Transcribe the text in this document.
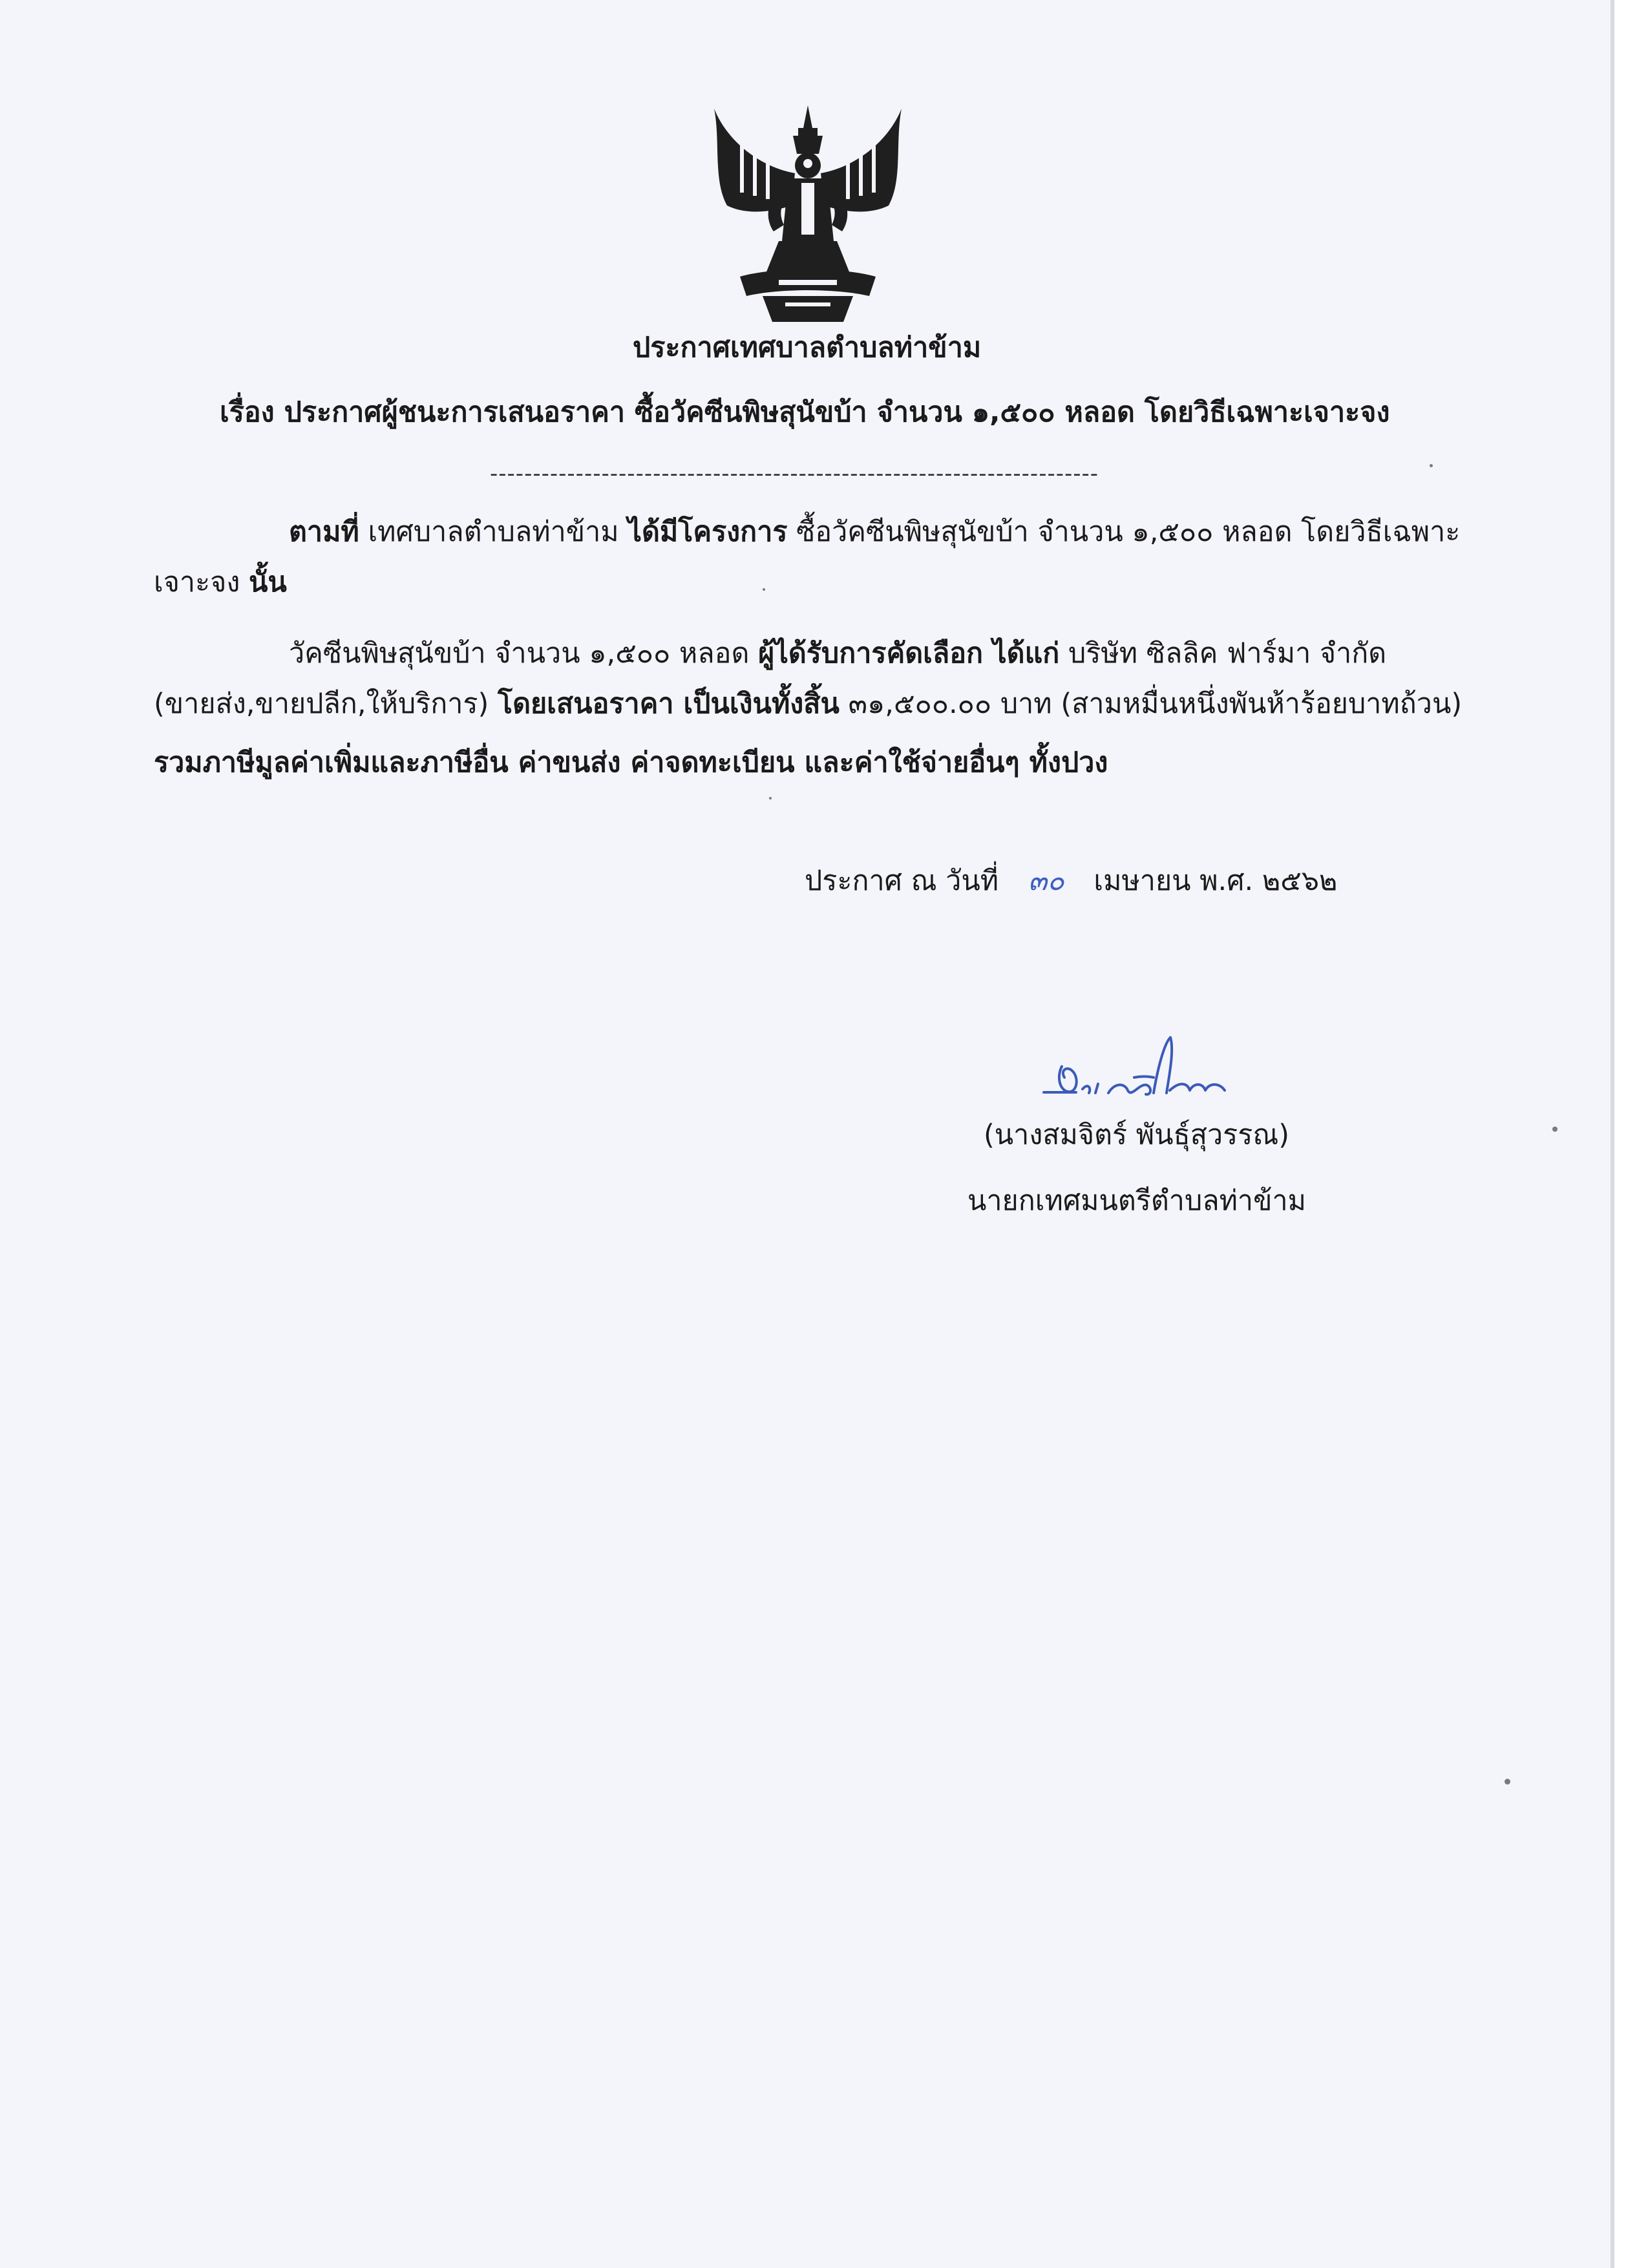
ประกาศเทศบาลตำบลท่าข้าม
เรื่อง ประกาศผู้ชนะการเสนอราคา ซื้อวัคซีนพิษสุนัขบ้า จำนวน ๑,๕๐๐ หลอด โดยวิธีเฉพาะเจาะจง
-----------------------------------------------------------------------
ตามที่ เทศบาลตำบลท่าข้าม ได้มีโครงการ ซื้อวัคซีนพิษสุนัขบ้า จำนวน ๑,๕๐๐ หลอด โดยวิธีเฉพาะ
เจาะจง นั้น
วัคซีนพิษสุนัขบ้า จำนวน ๑,๕๐๐ หลอด ผู้ได้รับการคัดเลือก ได้แก่ บริษัท ซิลลิค ฟาร์มา จำกัด
(ขายส่ง,ขายปลีก,ให้บริการ) โดยเสนอราคา เป็นเงินทั้งสิ้น ๓๑,๕๐๐.๐๐ บาท (สามหมื่นหนึ่งพันห้าร้อยบาทถ้วน)
รวมภาษีมูลค่าเพิ่มและภาษีอื่น ค่าขนส่ง ค่าจดทะเบียน และค่าใช้จ่ายอื่นๆ ทั้งปวง
ประกาศ ณ วันที่ ๓๐ เมษายน พ.ศ. ๒๕๖๒
(นางสมจิตร์ พันธุ์สุวรรณ)
นายกเทศมนตรีตำบลท่าข้าม
